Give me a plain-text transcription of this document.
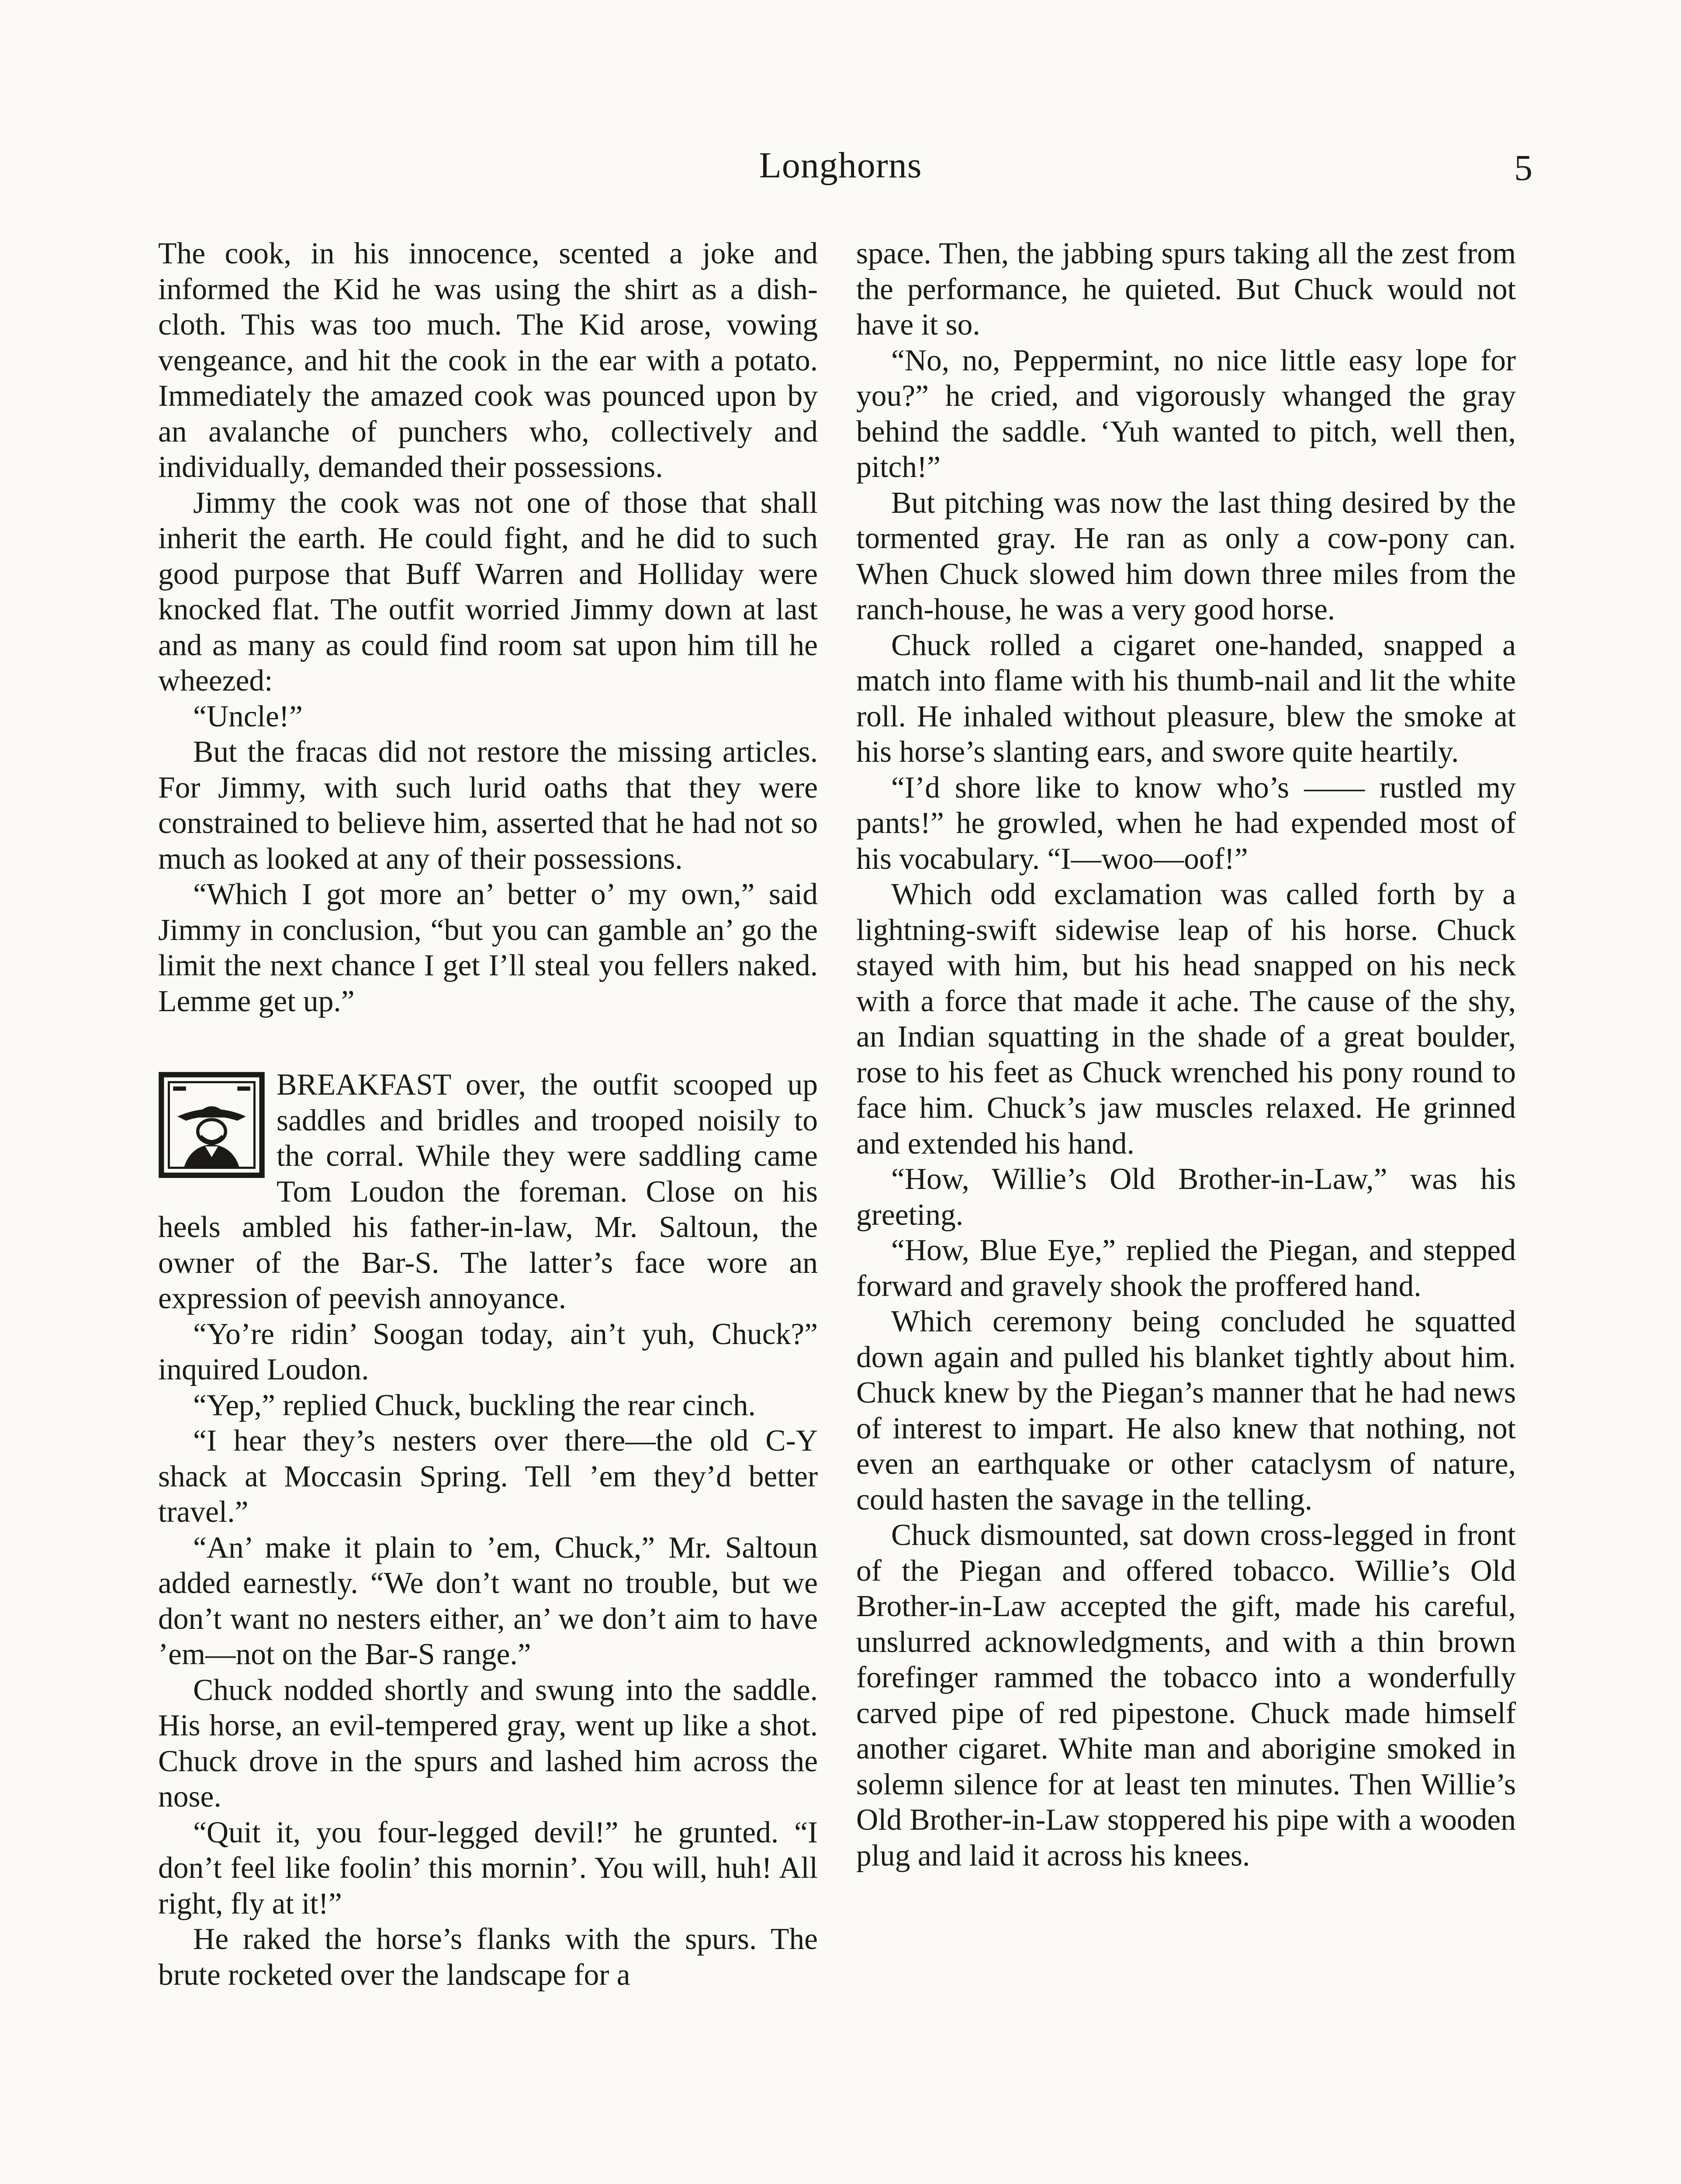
Longhorns	5

The cook, in his innocence, scented a joke and informed the Kid he was using the shirt as a dish-cloth. This was too much. The Kid arose, vowing vengeance, and hit the cook in the ear with a potato. Immediately the amazed cook was pounced upon by an avalanche of punchers who, collectively and individually, demanded their possessions.

Jimmy the cook was not one of those that shall inherit the earth. He could fight, and he did to such good purpose that Buff Warren and Holliday were knocked flat. The outfit worried Jimmy down at last and as many as could find room sat upon him till he wheezed:

“Uncle!”

But the fracas did not restore the missing articles. For Jimmy, with such lurid oaths that they were constrained to believe him, asserted that he had not so much as looked at any of their possessions.

“Which I got more an’ better o’ my own,” said Jimmy in conclusion, “but you can gamble an’ go the limit the next chance I get I’ll steal you fellers naked. Lemme get up.”

BREAKFAST over, the outfit scooped up saddles and bridles and trooped noisily to the corral. While they were saddling came Tom Loudon the foreman. Close on his heels ambled his father-in-law, Mr. Saltoun, the owner of the Bar-S. The latter’s face wore an expression of peevish annoyance.

“Yo’re ridin’ Soogan today, ain’t yuh, Chuck?” inquired Loudon.

“Yep,” replied Chuck, buckling the rear cinch.

“I hear they’s nesters over there—the old C-Y shack at Moccasin Spring. Tell ’em they’d better travel.”

“An’ make it plain to ’em, Chuck,” Mr. Saltoun added earnestly. “We don’t want no trouble, but we don’t want no nesters either, an’ we don’t aim to have ’em—not on the Bar-S range.”

Chuck nodded shortly and swung into the saddle. His horse, an evil-tempered gray, went up like a shot. Chuck drove in the spurs and lashed him across the nose.

“Quit it, you four-legged devil!” he grunted. “I don’t feel like foolin’ this mornin’. You will, huh! All right, fly at it!”

He raked the horse’s flanks with the spurs. The brute rocketed over the landscape for a

space. Then, the jabbing spurs taking all the zest from the performance, he quieted. But Chuck would not have it so.

“No, no, Peppermint, no nice little easy lope for you?” he cried, and vigorously whanged the gray behind the saddle. ‘Yuh wanted to pitch, well then, pitch!”

But pitching was now the last thing desired by the tormented gray. He ran as only a cow-pony can. When Chuck slowed him down three miles from the ranch-house, he was a very good horse.

Chuck rolled a cigaret one-handed, snapped a match into flame with his thumb-nail and lit the white roll. He inhaled without pleasure, blew the smoke at his horse’s slanting ears, and swore quite heartily.

“I’d shore like to know who’s —— rustled my pants!” he growled, when he had expended most of his vocabulary. “I—woo—oof!”

Which odd exclamation was called forth by a lightning-swift sidewise leap of his horse. Chuck stayed with him, but his head snapped on his neck with a force that made it ache. The cause of the shy, an Indian squatting in the shade of a great boulder, rose to his feet as Chuck wrenched his pony round to face him. Chuck’s jaw muscles relaxed. He grinned and extended his hand.

“How, Willie’s Old Brother-in-Law,” was his greeting.

“How, Blue Eye,” replied the Piegan, and stepped forward and gravely shook the proffered hand.

Which ceremony being concluded he squatted down again and pulled his blanket tightly about him. Chuck knew by the Piegan’s manner that he had news of interest to impart. He also knew that nothing, not even an earthquake or other cataclysm of nature, could hasten the savage in the telling.

Chuck dismounted, sat down cross-legged in front of the Piegan and offered tobacco. Willie’s Old Brother-in-Law accepted the gift, made his careful, unslurred acknowledgments, and with a thin brown forefinger rammed the tobacco into a wonderfully carved pipe of red pipestone. Chuck made himself another cigaret. White man and aborigine smoked in solemn silence for at least ten minutes. Then Willie’s Old Brother-in-Law stoppered his pipe with a wooden plug and laid it across his knees.
